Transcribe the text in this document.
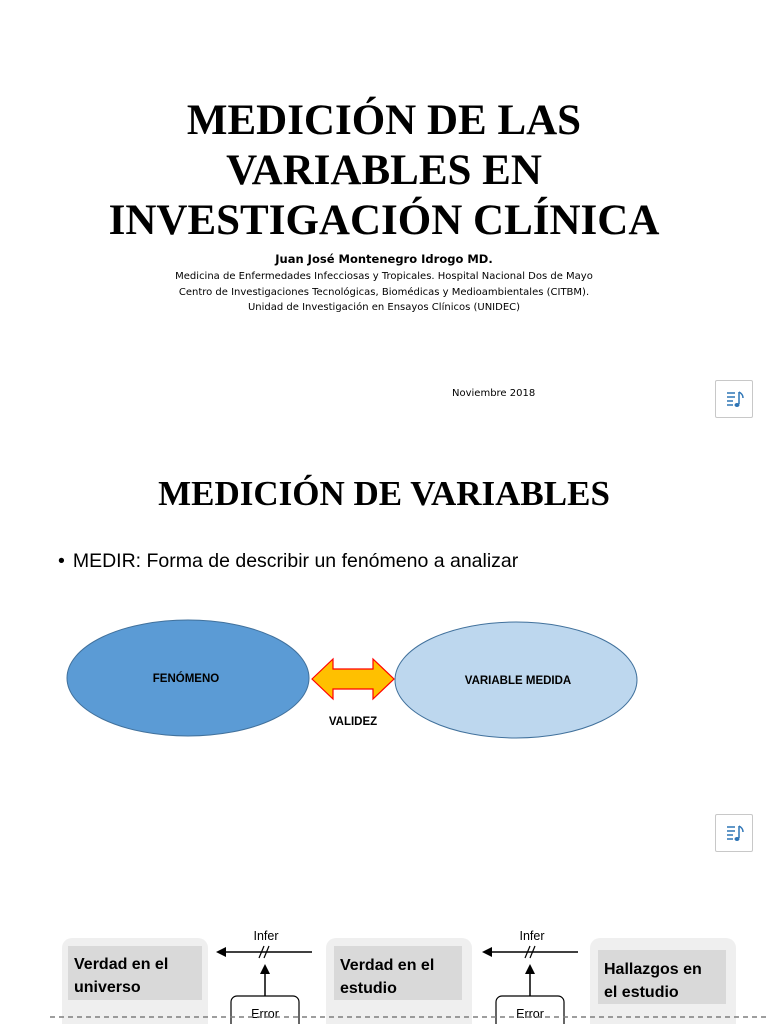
MEDICIÓN DE LAS
VARIABLES EN
INVESTIGACIÓN CLÍNICA
Juan José Montenegro Idrogo MD.
Medicina de Enfermedades Infecciosas y Tropicales. Hospital Nacional Dos de Mayo
Centro de Investigaciones Tecnológicas, Biomédicas y Medioambientales (CITBM).
Unidad de Investigación en Ensayos Clínicos (UNIDEC)
Noviembre 2018
MEDICIÓN DE VARIABLES
• MEDIR: Forma de describir un fenómeno a analizar
FENÓMENO	VARIABLE MEDIDA
VALIDEZ
Verdad en el
universo
Verdad en el
estudio
Hallazgos en
el estudio
Infer	Infer
Error	Error
